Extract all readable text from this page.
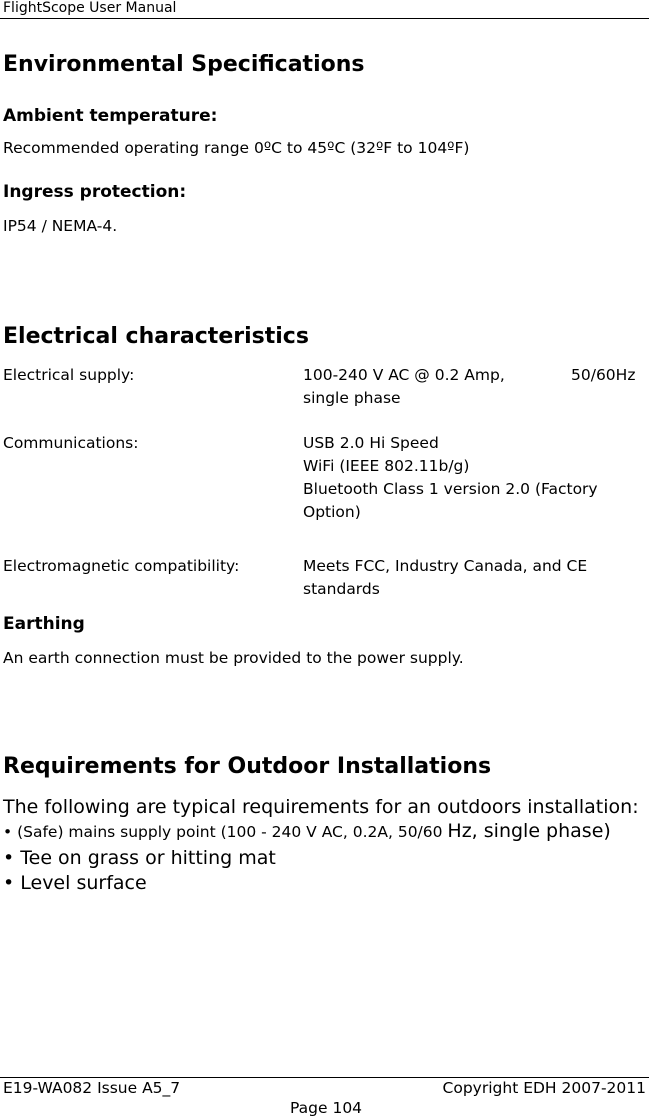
FlightScope User Manual
Environmental Specifications
Ambient temperature:
Recommended operating range 0ºC to 45ºC (32ºF to 104ºF)
Ingress protection:
IP54 / NEMA-4.
Electrical characteristics
Electrical supply:	100-240 V AC @ 0.2 Amp,	50/60Hz
single phase
Communications:	USB 2.0 Hi Speed
WiFi (IEEE 802.11b/g)
Bluetooth Class 1 version 2.0 (Factory
Option)
Electromagnetic compatibility:	Meets FCC, Industry Canada, and CE
standards
Earthing
An earth connection must be provided to the power supply.
Requirements for Outdoor Installations
The following are typical requirements for an outdoors installation:
• (Safe) mains supply point (100 - 240 V AC, 0.2A, 50/60 Hz, single phase)
• Tee on grass or hitting mat
• Level surface
E19-WA082 Issue A5_7	Copyright EDH 2007-2011
Page 104
